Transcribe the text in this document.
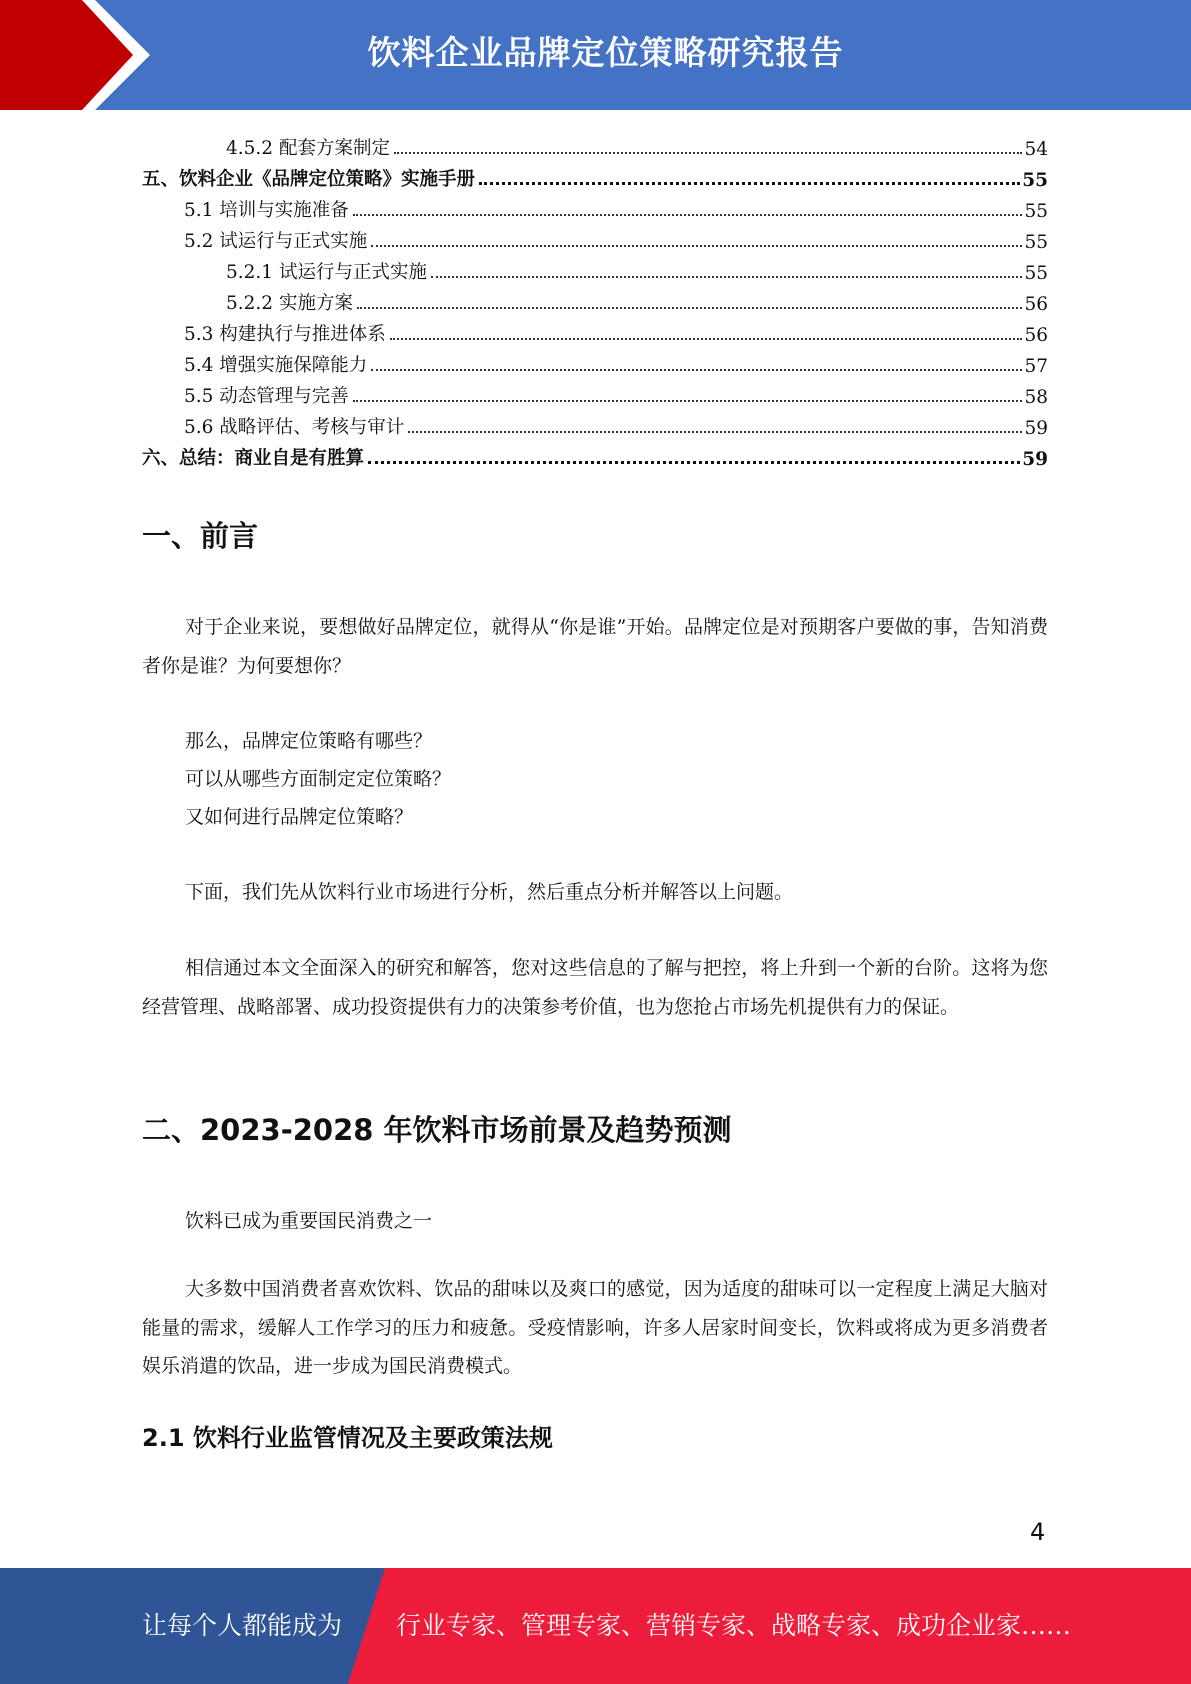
饮料企业品牌定位策略研究报告
4.5.2 配套方案制定	54
五、饮料企业《品牌定位策略》实施手册	55
5.1 培训与实施准备	55
5.2 试运行与正式实施	55
5.2.1 试运行与正式实施	55
5.2.2 实施方案	56
5.3 构建执行与推进体系	56
5.4 增强实施保障能力	57
5.5 动态管理与完善	58
5.6 战略评估、考核与审计	59
六、总结：商业自是有胜算	59
一、前言
对于企业来说，要想做好品牌定位，就得从“你是谁”开始。品牌定位是对预期客户要做的事，告知消费者你是谁？为何要想你？
那么，品牌定位策略有哪些？
可以从哪些方面制定定位策略？
又如何进行品牌定位策略？
下面，我们先从饮料行业市场进行分析，然后重点分析并解答以上问题。
相信通过本文全面深入的研究和解答，您对这些信息的了解与把控，将上升到一个新的台阶。这将为您经营管理、战略部署、成功投资提供有力的决策参考价值，也为您抢占市场先机提供有力的保证。
二、2023-2028 年饮料市场前景及趋势预测
饮料已成为重要国民消费之一
大多数中国消费者喜欢饮料、饮品的甜味以及爽口的感觉，因为适度的甜味可以一定程度上满足大脑对能量的需求，缓解人工作学习的压力和疲惫。受疫情影响，许多人居家时间变长，饮料或将成为更多消费者娱乐消遣的饮品，进一步成为国民消费模式。
2.1 饮料行业监管情况及主要政策法规
4
让每个人都能成为 行业专家、管理专家、营销专家、战略专家、成功企业家……
